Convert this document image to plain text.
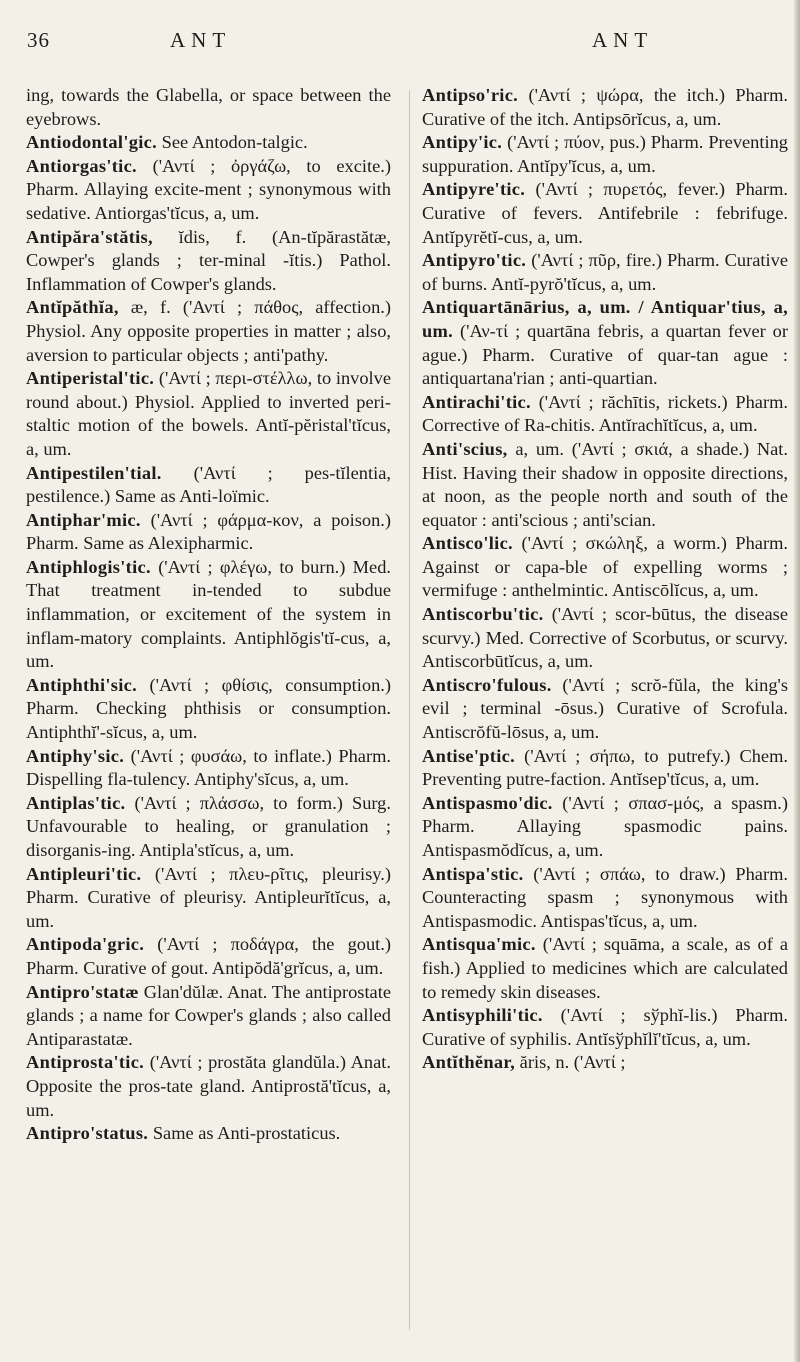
36	ANT	ANT
ing, towards the Glabella, or space between the eyebrows.
Antiodontal'gic. See Antodon-talgic.
Antiorgas'tic. ('Αντί ; ὀργάζω, to excite.) Pharm. Allaying excite-ment ; synonymous with sedative. Antiorgas'tĭcus, a, um.
Antipăra'stătis, ĭdis, f. (An-tĭpărastătæ, Cowper's glands ; ter-minal -ĭtis.) Pathol. Inflammation of Cowper's glands.
Antĭpăthĭa, æ, f. ('Αντί ; πάθος, affection.) Physiol. Any opposite properties in matter ; also, aversion to particular objects ; anti'pathy.
Antiperistal'tic. ('Αντί ; περι-στέλλω, to involve round about.) Physiol. Applied to inverted peri-staltic motion of the bowels. Antĭ-pĕristal'tĭcus, a, um.
Antipestilen'tial. ('Αντί ; pes-tĭlentia, pestilence.) Same as Anti-loïmic.
Antiphar'mic. ('Αντί ; φάρμα-κον, a poison.) Pharm. Same as Alexipharmic.
Antiphlogis'tic. ('Αντί ; φλέγω, to burn.) Med. That treatment in-tended to subdue inflammation, or excitement of the system in inflam-matory complaints. Antiphlŏgis'tĭ-cus, a, um.
Antiphthi'sic. ('Αντί ; φθίσις, consumption.) Pharm. Checking phthisis or consumption. Antiphthĭ'-sĭcus, a, um.
Antiphy'sic. ('Αντί ; φυσάω, to inflate.) Pharm. Dispelling fla-tulency. Antiphy'sĭcus, a, um.
Antiplas'tic. ('Αντί ; πλάσσω, to form.) Surg. Unfavourable to healing, or granulation ; disorganis-ing. Antipla'stĭcus, a, um.
Antipleuri'tic. ('Αντί ; πλευ-ρῖτις, pleurisy.) Pharm. Curative of pleurisy. Antipleurĭtĭcus, a, um.
Antipoda'gric. ('Αντί ; ποδάγρα, the gout.) Pharm. Curative of gout. Antipŏdă'grĭcus, a, um.
Antipro'statæ Glan'dŭlæ. Anat. The antiprostate glands ; a name for Cowper's glands ; also called Antiparastatæ.
Antiprosta'tic. ('Αντί ; prostăta glandŭla.) Anat. Opposite the pros-tate gland. Antiprostă'tĭcus, a, um.
Antipro'status. Same as Anti-prostaticus.
Antipso'ric. ('Αντί ; ψώρα, the itch.) Pharm. Curative of the itch. Antipsōrĭcus, a, um.
Antipy'ic. ('Αντί ; πύον, pus.) Pharm. Preventing suppuration. Antĭpy'ĭcus, a, um.
Antipyre'tic. ('Αντί ; πυρετός, fever.) Pharm. Curative of fevers. Antifebrile : febrifuge. Antĭpyrĕtĭ-cus, a, um.
Antipyro'tic. ('Αντί ; πῦρ, fire.) Pharm. Curative of burns. Antĭ-pyrŏ'tĭcus, a, um.
Antiquartānārius, a, um. / Antiquar'tius, a, um. ('Αν-τί ; quartāna febris, a quartan fever or ague.) Pharm. Curative of quar-tan ague : antiquartana'rian ; anti-quartian.
Antirachi'tic. ('Αντί ; răchītis, rickets.) Pharm. Corrective of Ra-chitis. Antĭrachĭtĭcus, a, um.
Anti'scius, a, um. ('Αντί ; σκιά, a shade.) Nat. Hist. Having their shadow in opposite directions, at noon, as the people north and south of the equator : anti'scious ; anti'scian.
Antisco'lic. ('Αντί ; σκώληξ, a worm.) Pharm. Against or capa-ble of expelling worms ; vermifuge : anthelmintic. Antiscōlĭcus, a, um.
Antiscorbu'tic. ('Αντί ; scor-būtus, the disease scurvy.) Med. Corrective of Scorbutus, or scurvy. Antiscorbūtĭcus, a, um.
Antiscro'fulous. ('Αντί ; scrŏ-fŭla, the king's evil ; terminal -ōsus.) Curative of Scrofula. Antiscrŏfŭ-lōsus, a, um.
Antise'ptic. ('Αντί ; σήπω, to putrefy.) Chem. Preventing putre-faction. Antĭsep'tĭcus, a, um.
Antispasmo'dic. ('Αντί ; σπασ-μός, a spasm.) Pharm. Allaying spasmodic pains. Antispasmŏdĭcus, a, um.
Antispa'stic. ('Αντί ; σπάω, to draw.) Pharm. Counteracting spasm ; synonymous with Antispasmodic. Antispas'tĭcus, a, um.
Antisqua'mic. ('Αντί ; squāma, a scale, as of a fish.) Applied to medicines which are calculated to remedy skin diseases.
Antisyphili'tic. ('Αντί ; sўphĭ-lis.) Pharm. Curative of syphilis. Antĭsўphĭlĭ'tĭcus, a, um.
Antĭthĕnar, ăris, n. ('Αντί ;
